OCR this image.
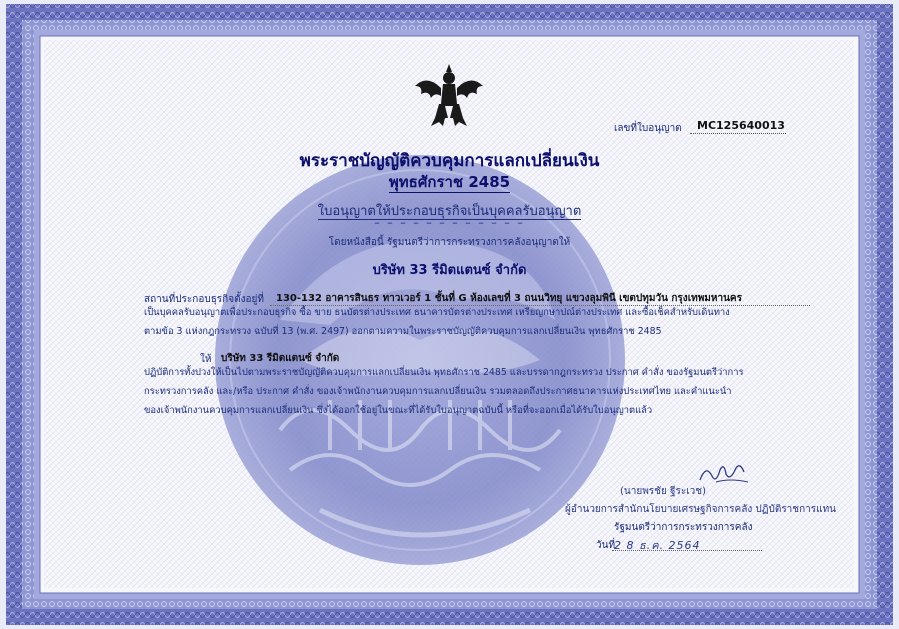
เลขที่ใบอนุญาต MC125640013
พระราชบัญญัติควบคุมการแลกเปลี่ยนเงิน
พุทธศักราช 2485
ใบอนุญาตให้ประกอบธุรกิจเป็นบุคคลรับอนุญาต
– – – – – – – – – – – –
โดยหนังสือนี้ รัฐมนตรีว่าการกระทรวงการคลังอนุญาตให้
บริษัท 33 รีมิตแตนซ์ จำกัด
สถานที่ประกอบธุรกิจตั้งอยู่ที่ 130-132 อาคารสินธร ทาวเวอร์ 1 ชั้นที่ G ห้องเลขที่ 3 ถนนวิทยุ แขวงลุมพินี เขตปทุมวัน กรุงเทพมหานคร
เป็นบุคคลรับอนุญาตเพื่อประกอบธุรกิจ ซื้อ ขาย ธนบัตรต่างประเทศ ธนาคารบัตรต่างประเทศ เหรียญกษาปณ์ต่างประเทศ และซื้อเช็คสำหรับเดินทาง
ตามข้อ 3 แห่งกฎกระทรวง ฉบับที่ 13 (พ.ศ. 2497) ออกตามความในพระราชบัญญัติควบคุมการแลกเปลี่ยนเงิน พุทธศักราช 2485
ให้ บริษัท 33 รีมิตแตนซ์ จำกัด
ปฏิบัติการทั้งปวงให้เป็นไปตามพระราชบัญญัติควบคุมการแลกเปลี่ยนเงิน พุทธศักราช 2485 และบรรดากฎกระทรวง ประกาศ คำสั่ง ของรัฐมนตรีว่าการ
กระทรวงการคลัง และ/หรือ ประกาศ คำสั่ง ของเจ้าพนักงานควบคุมการแลกเปลี่ยนเงิน รวมตลอดถึงประกาศธนาคารแห่งประเทศไทย และคำแนะนำ
ของเจ้าพนักงานควบคุมการแลกเปลี่ยนเงิน ซึ่งได้ออกใช้อยู่ในขณะที่ได้รับใบอนุญาตฉบับนี้ หรือที่จะออกเมื่อได้รับใบอนุญาตแล้ว
(นายพรชัย ฐีระเวช)
ผู้อำนวยการสำนักนโยบายเศรษฐกิจการคลัง ปฏิบัติราชการแทน
รัฐมนตรีว่าการกระทรวงการคลัง
วันที่
2 8 ธ.ค. 2564
